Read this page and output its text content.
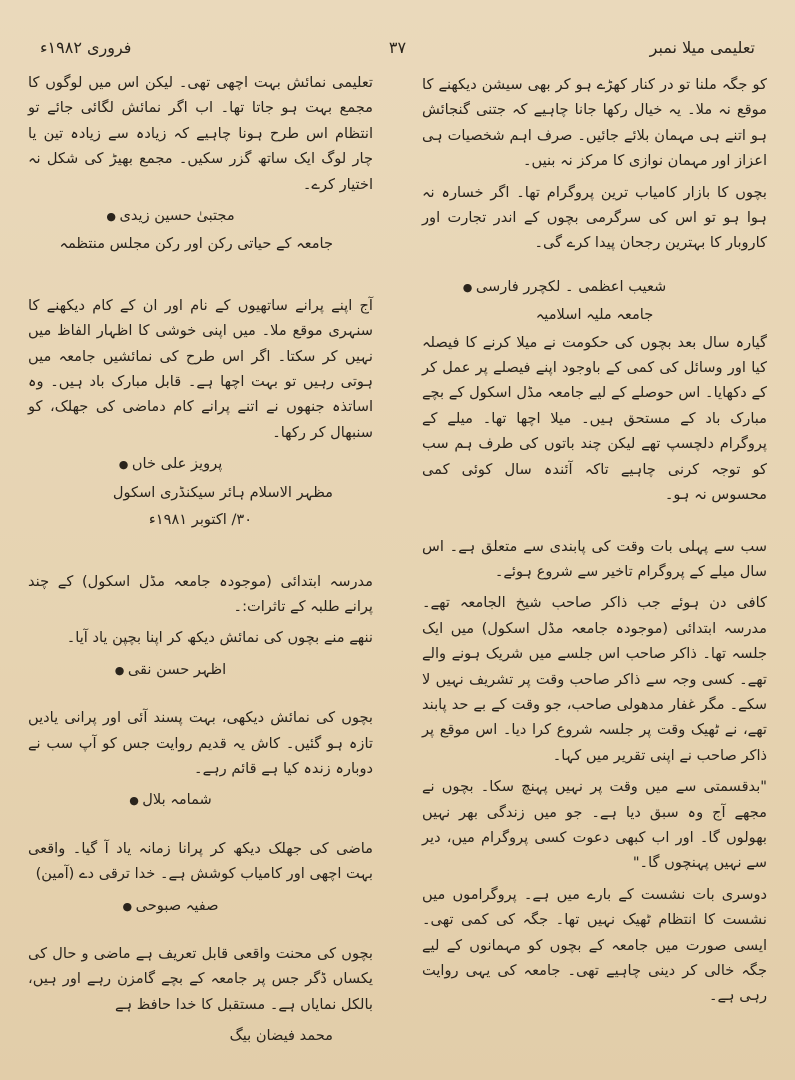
تعلیمی میلا نمبر
۳۷
فروری ۱۹۸۲ء

کو جگہ ملنا تو در کنار کھڑے ہو کر بھی سیشن دیکھنے کا موقع نہ ملا۔ یہ خیال رکھا جانا چاہیے کہ جتنی گنجائش ہو اتنے ہی مہمان بلائے جائیں۔ صرف اہم شخصیات ہی اعزاز اور مہمان نوازی کا مرکز نہ بنیں۔

بچوں کا بازار کامیاب ترین پروگرام تھا۔ اگر خسارہ نہ ہوا ہو تو اس کی سرگرمی بچوں کے اندر تجارت اور کاروبار کا بہترین رجحان پیدا کرے گی۔

شعیب اعظمی ۔ لکچرر فارسی ●
جامعہ ملیہ اسلامیہ

گیارہ سال بعد بچوں کی حکومت نے میلا کرنے کا فیصلہ کیا اور وسائل کی کمی کے باوجود اپنے فیصلے پر عمل کر کے دکھایا۔ اس حوصلے کے لیے جامعہ مڈل اسکول کے بچے مبارک باد کے مستحق ہیں۔ میلا اچھا تھا۔ میلے کے پروگرام دلچسپ تھے لیکن چند باتوں کی طرف ہم سب کو توجہ کرنی چاہیے تاکہ آئندہ سال کوئی کمی محسوس نہ ہو۔

سب سے پہلی بات وقت کی پابندی سے متعلق ہے۔ اس سال میلے کے پروگرام تاخیر سے شروع ہوئے۔

کافی دن ہوئے جب ذاکر صاحب شیخ الجامعہ تھے۔ مدرسہ ابتدائی (موجودہ جامعہ مڈل اسکول) میں ایک جلسہ تھا۔ ذاکر صاحب اس جلسے میں شریک ہونے والے تھے۔ کسی وجہ سے ذاکر صاحب وقت پر تشریف نہیں لا سکے۔ مگر غفار مدھولی صاحب، جو وقت کے بے حد پابند تھے، نے ٹھیک وقت پر جلسہ شروع کرا دیا۔ اس موقع پر ذاکر صاحب نے اپنی تقریر میں کہا۔

"بدقسمتی سے میں وقت پر نہیں پہنچ سکا۔ بچوں نے مجھے آج وہ سبق دیا ہے۔ جو میں زندگی بھر نہیں بھولوں گا۔ اور اب کبھی دعوت کسی پروگرام میں، دیر سے نہیں پہنچوں گا۔"

دوسری بات نشست کے بارے میں ہے۔ پروگراموں میں نشست کا انتظام ٹھیک نہیں تھا۔ جگہ کی کمی تھی۔ ایسی صورت میں جامعہ کے بچوں کو مہمانوں کے لیے جگہ خالی کر دینی چاہیے تھی۔ جامعہ کی یہی روایت رہی ہے۔

تعلیمی نمائش بہت اچھی تھی۔ لیکن اس میں لوگوں کا مجمع بہت ہو جاتا تھا۔ اب اگر نمائش لگائی جائے تو انتظام اس طرح ہونا چاہیے کہ زیادہ سے زیادہ تین یا چار لوگ ایک ساتھ گزر سکیں۔ مجمع بھیڑ کی شکل نہ اختیار کرے۔

مجتبیٰ حسین زیدی ●
جامعہ کے حیاتی رکن اور رکن مجلس منتظمہ

آج اپنے پرانے ساتھیوں کے نام اور ان کے کام دیکھنے کا سنہری موقع ملا۔ میں اپنی خوشی کا اظہار الفاظ میں نہیں کر سکتا۔ اگر اس طرح کی نمائشیں جامعہ میں ہوتی رہیں تو بہت اچھا ہے۔ قابل مبارک باد ہیں۔ وہ اساتذہ جنھوں نے اتنے پرانے کام دماضی کی جھلک، کو سنبھال کر رکھا۔

پرویز علی خاں ●
مظہر الاسلام ہائر سیکنڈری اسکول
۳۰/ اکتوبر ۱۹۸۱ء

مدرسہ ابتدائی (موجودہ جامعہ مڈل اسکول) کے چند پرانے طلبہ کے تاثرات:۔

ننھے منے بچوں کی نمائش دیکھ کر اپنا بچپن یاد آیا۔

اظہر حسن نقی ●

بچوں کی نمائش دیکھی، بہت پسند آئی اور پرانی یادیں تازہ ہو گئیں۔ کاش یہ قدیم روایت جس کو آپ سب نے دوبارہ زندہ کیا ہے قائم رہے۔

شمامہ بلال ●

ماضی کی جھلک دیکھ کر پرانا زمانہ یاد آ گیا۔ واقعی بہت اچھی اور کامیاب کوشش ہے۔ خدا ترقی دے (آمین)

صفیہ صبوحی ●

بچوں کی محنت واقعی قابل تعریف ہے ماضی و حال کی یکساں ڈگر جس پر جامعہ کے بچے گامزن رہے اور ہیں، بالکل نمایاں ہے۔ مستقبل کا خدا حافظ ہے

محمد فیضان بیگ
